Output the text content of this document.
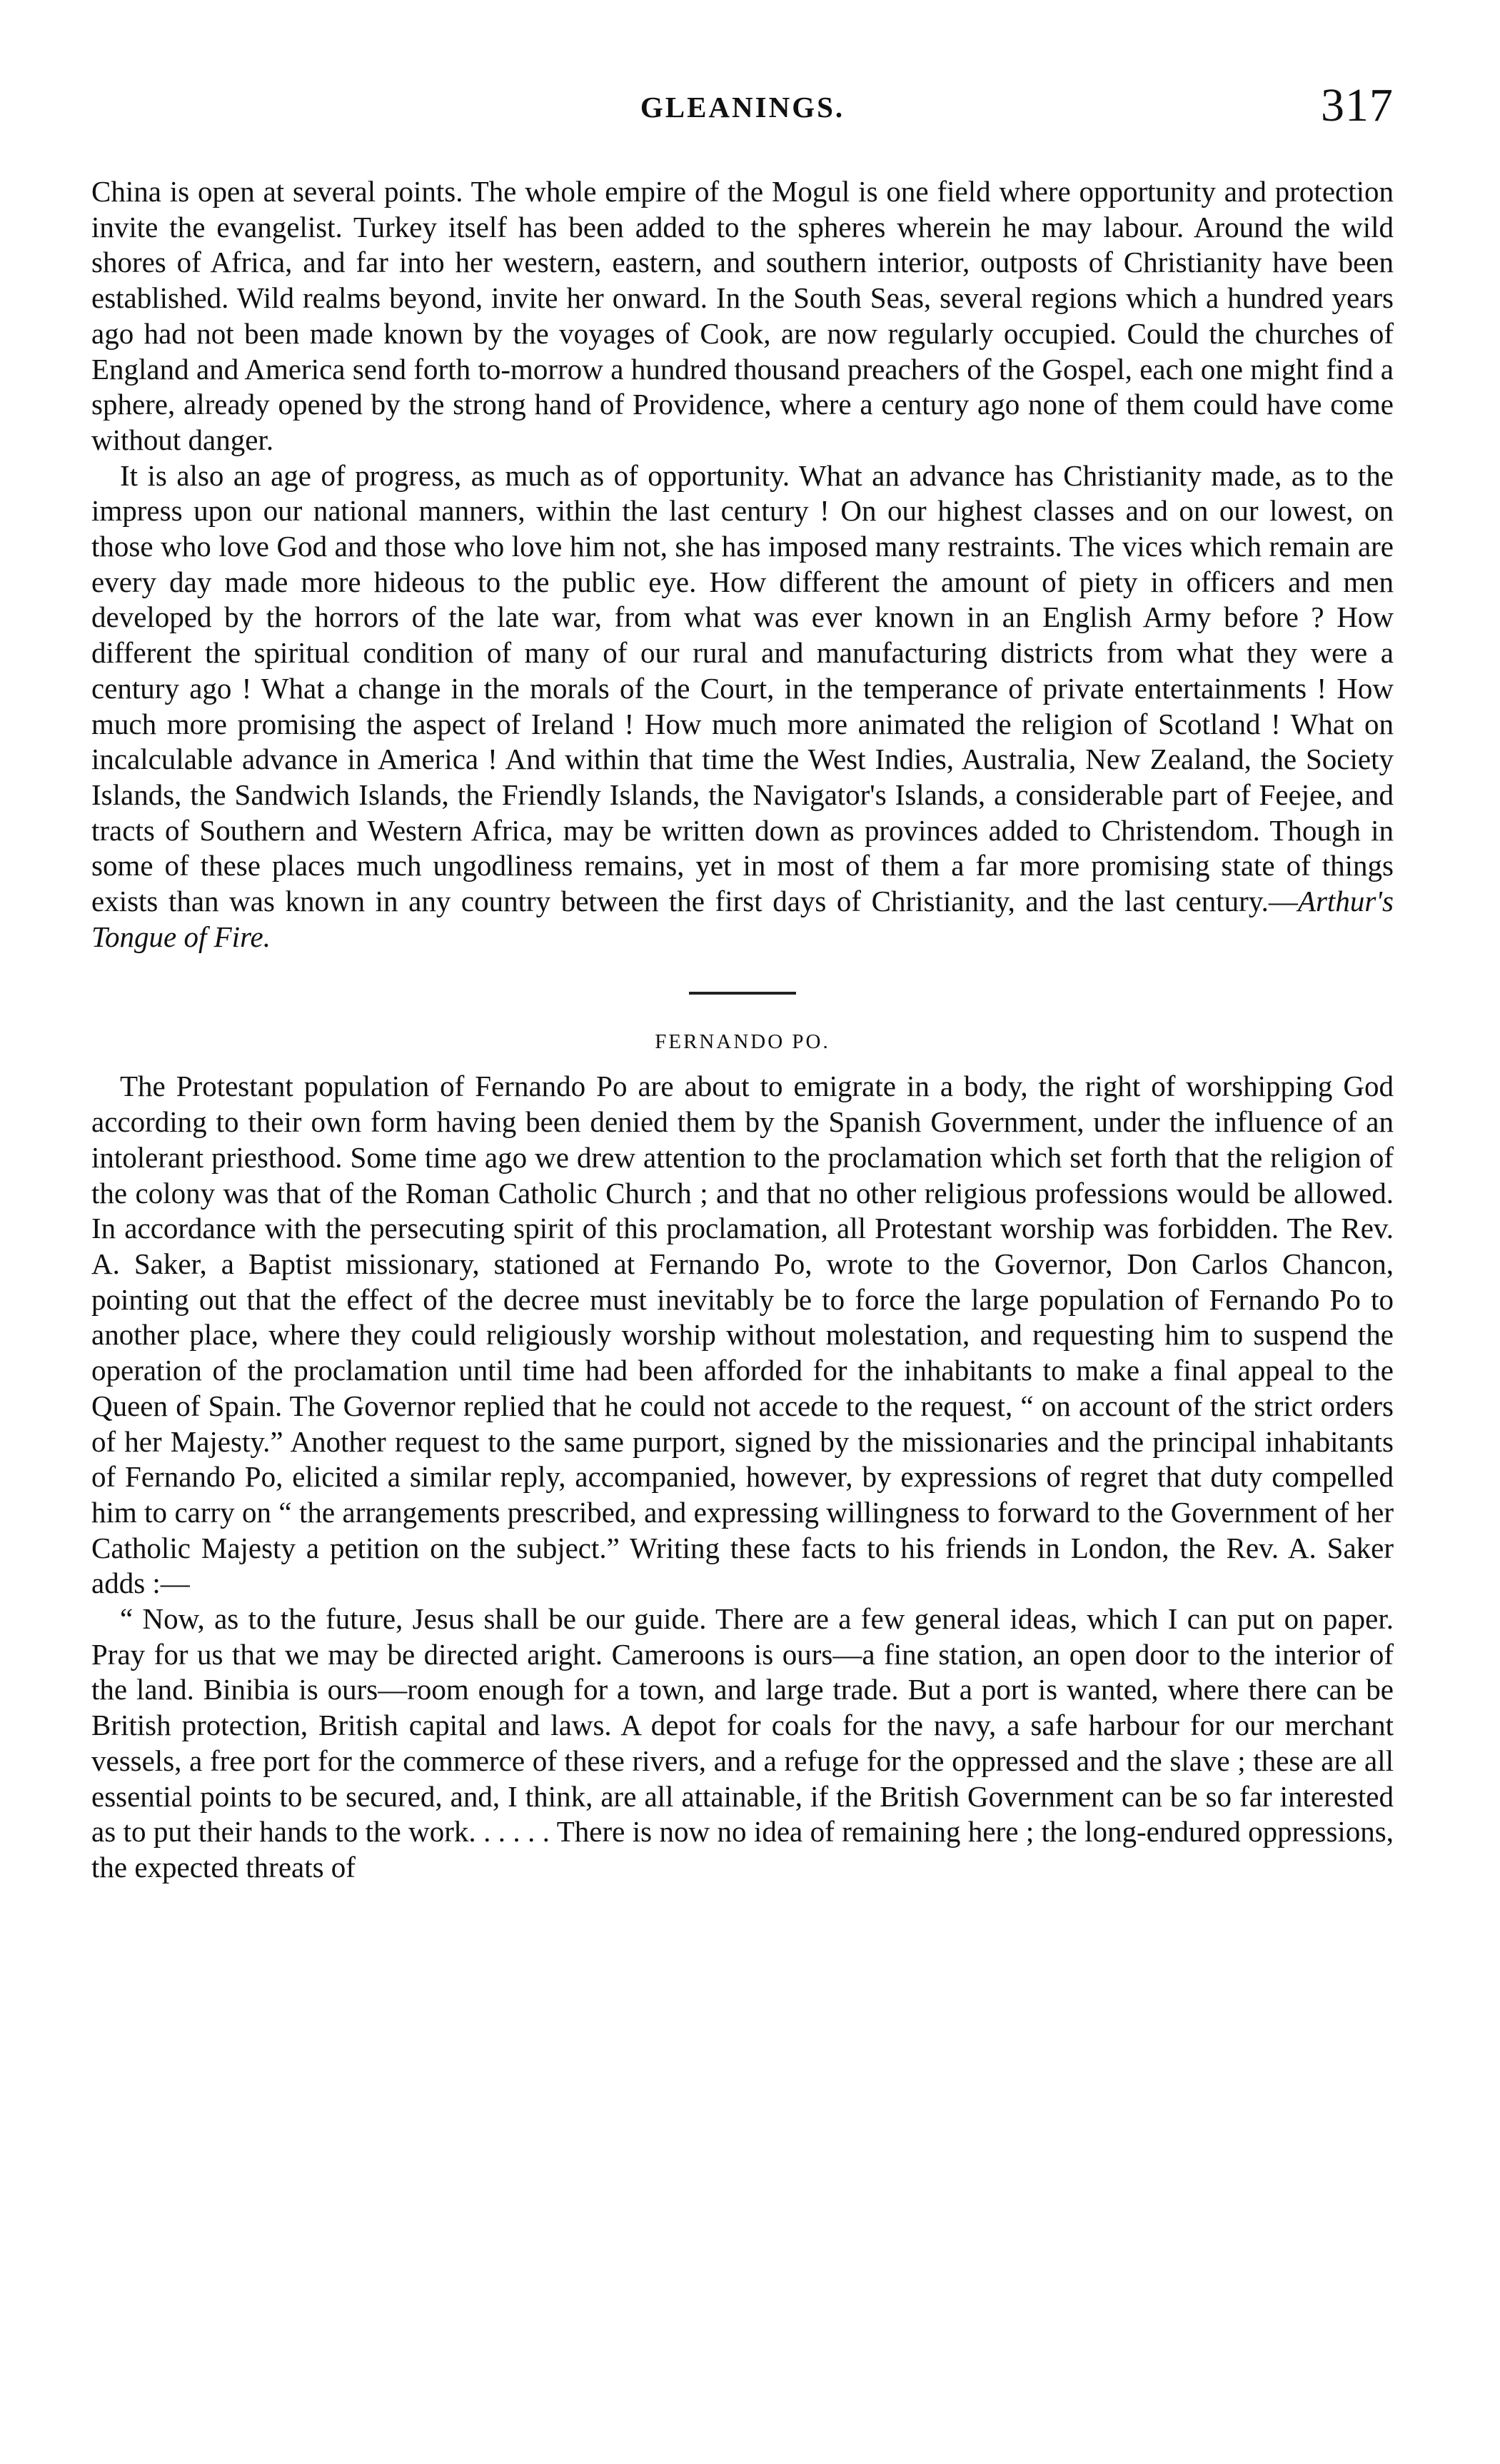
GLEANINGS.	317

China is open at several points. The whole empire of the Mogul is one field where opportunity and protection invite the evangelist. Turkey itself has been added to the spheres wherein he may labour. Around the wild shores of Africa, and far into her western, eastern, and southern interior, outposts of Christianity have been established. Wild realms beyond, invite her onward. In the South Seas, several regions which a hundred years ago had not been made known by the voyages of Cook, are now regularly occupied. Could the churches of England and America send forth to-morrow a hundred thousand preachers of the Gospel, each one might find a sphere, already opened by the strong hand of Providence, where a century ago none of them could have come without danger.

It is also an age of progress, as much as of opportunity. What an advance has Christianity made, as to the impress upon our national manners, within the last century ! On our highest classes and on our lowest, on those who love God and those who love him not, she has imposed many restraints. The vices which remain are every day made more hideous to the public eye. How different the amount of piety in officers and men developed by the horrors of the late war, from what was ever known in an English Army before ? How different the spiritual condition of many of our rural and manufacturing districts from what they were a century ago ! What a change in the morals of the Court, in the temperance of private entertainments ! How much more promising the aspect of Ireland ! How much more animated the religion of Scotland ! What on incalculable advance in America ! And within that time the West Indies, Australia, New Zealand, the Society Islands, the Sandwich Islands, the Friendly Islands, the Navigator's Islands, a considerable part of Feejee, and tracts of Southern and Western Africa, may be written down as provinces added to Christendom. Though in some of these places much ungodliness remains, yet in most of them a far more promising state of things exists than was known in any country between the first days of Christianity, and the last century.—Arthur's Tongue of Fire.

FERNANDO PO.

The Protestant population of Fernando Po are about to emigrate in a body, the right of worshipping God according to their own form having been denied them by the Spanish Government, under the influence of an intolerant priesthood. Some time ago we drew attention to the proclamation which set forth that the religion of the colony was that of the Roman Catholic Church ; and that no other religious professions would be allowed. In accordance with the persecuting spirit of this proclamation, all Protestant worship was forbidden. The Rev. A. Saker, a Baptist missionary, stationed at Fernando Po, wrote to the Governor, Don Carlos Chancon, pointing out that the effect of the decree must inevitably be to force the large population of Fernando Po to another place, where they could religiously worship without molestation, and requesting him to suspend the operation of the proclamation until time had been afforded for the inhabitants to make a final appeal to the Queen of Spain. The Governor replied that he could not accede to the request, “ on account of the strict orders of her Majesty.” Another request to the same purport, signed by the missionaries and the principal inhabitants of Fernando Po, elicited a similar reply, accompanied, however, by expressions of regret that duty compelled him to carry on “ the arrangements prescribed, and expressing willingness to forward to the Government of her Catholic Majesty a petition on the subject.” Writing these facts to his friends in London, the Rev. A. Saker adds :—

“ Now, as to the future, Jesus shall be our guide. There are a few general ideas, which I can put on paper. Pray for us that we may be directed aright. Cameroons is ours—a fine station, an open door to the interior of the land. Binibia is ours—room enough for a town, and large trade. But a port is wanted, where there can be British protection, British capital and laws. A depot for coals for the navy, a safe harbour for our merchant vessels, a free port for the commerce of these rivers, and a refuge for the oppressed and the slave ; these are all essential points to be secured, and, I think, are all attainable, if the British Government can be so far interested as to put their hands to the work. . . . . . There is now no idea of remaining here ; the long-endured oppressions, the expected threats of
